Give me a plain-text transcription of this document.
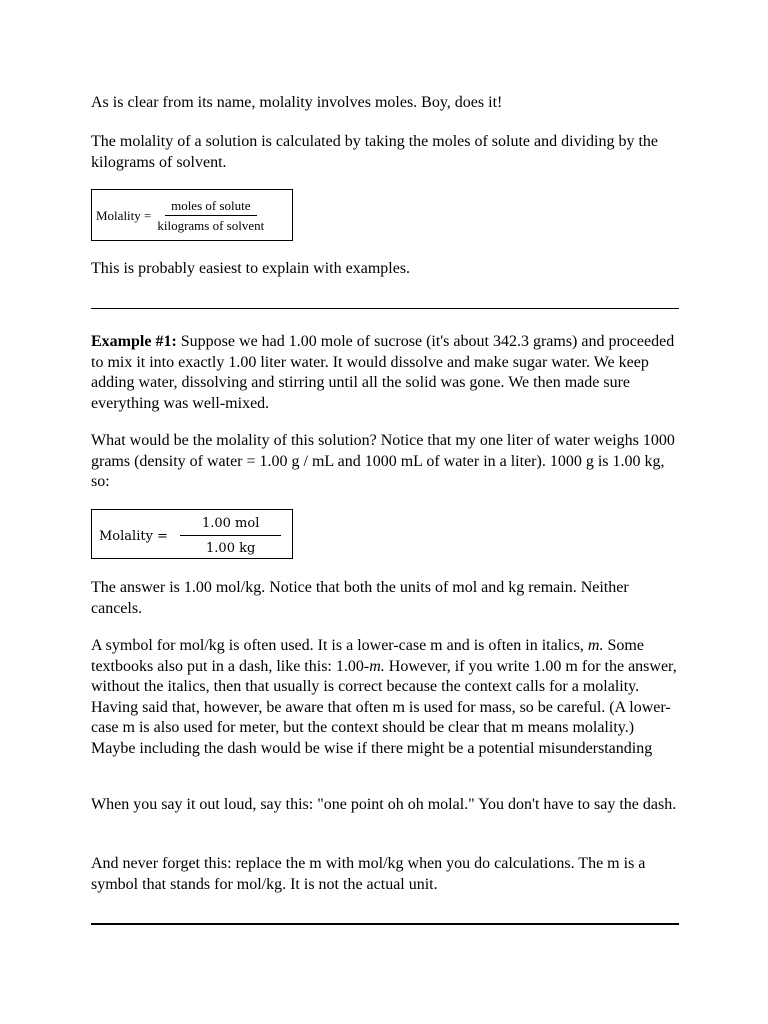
As is clear from its name, molality involves moles. Boy, does it!

The molality of a solution is calculated by taking the moles of solute and dividing by the kilograms of solvent.

Molality = $\frac{\text{moles of solute}}{\text{kilograms of solvent}}$

This is probably easiest to explain with examples.

Example #1: Suppose we had 1.00 mole of sucrose (it's about 342.3 grams) and proceeded to mix it into exactly 1.00 liter water. It would dissolve and make sugar water. We keep adding water, dissolving and stirring until all the solid was gone. We then made sure everything was well-mixed.

What would be the molality of this solution? Notice that my one liter of water weighs 1000 grams (density of water = 1.00 g / mL and 1000 mL of water in a liter). 1000 g is 1.00 kg, so:

Molality = $\frac{\text{1.00 mol}}{1.00 kg}$

The answer is 1.00 mol/kg. Notice that both the units of mol and kg remain. Neither cancels.

A symbol for mol/kg is often used. It is a lower-case m and is often in italics, m. Some textbooks also put in a dash, like this: 1.00-m. However, if you write 1.00 m for the answer, without the italics, then that usually is correct because the context calls for a molality. Having said that, however, be aware that often m is used for mass, so be careful. (A lower-case m is also used for meter, but the context should be clear that m means molality.) Maybe including the dash would be wise if there might be a potential misunderstanding

When you say it out loud, say this: "one point oh oh molal." You don't have to say the dash.

And never forget this: replace the m with mol/kg when you do calculations. The m is a symbol that stands for mol/kg. It is not the actual unit.
